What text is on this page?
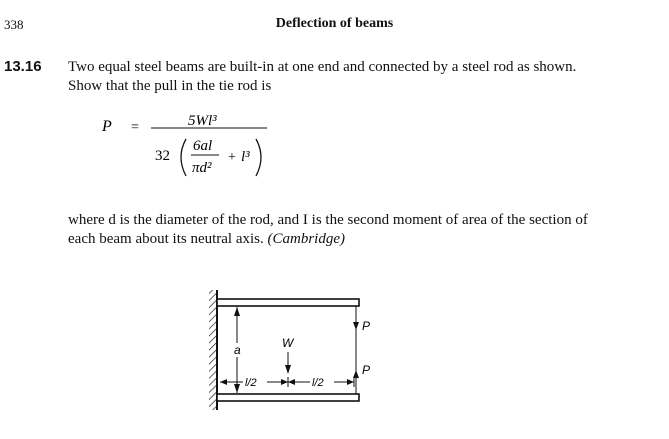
338	Deflection of beams
13.16 Two equal steel beams are built-in at one end and connected by a steel rod as shown.
Show that the pull in the tie rod is
P =	5Wl³
32
6al
πd²
+ l³
where d is the diameter of the rod, and I is the second moment of area of the section of
each beam about its neutral axis. (Cambridge)
P
P
W
a
l/2	l/2
